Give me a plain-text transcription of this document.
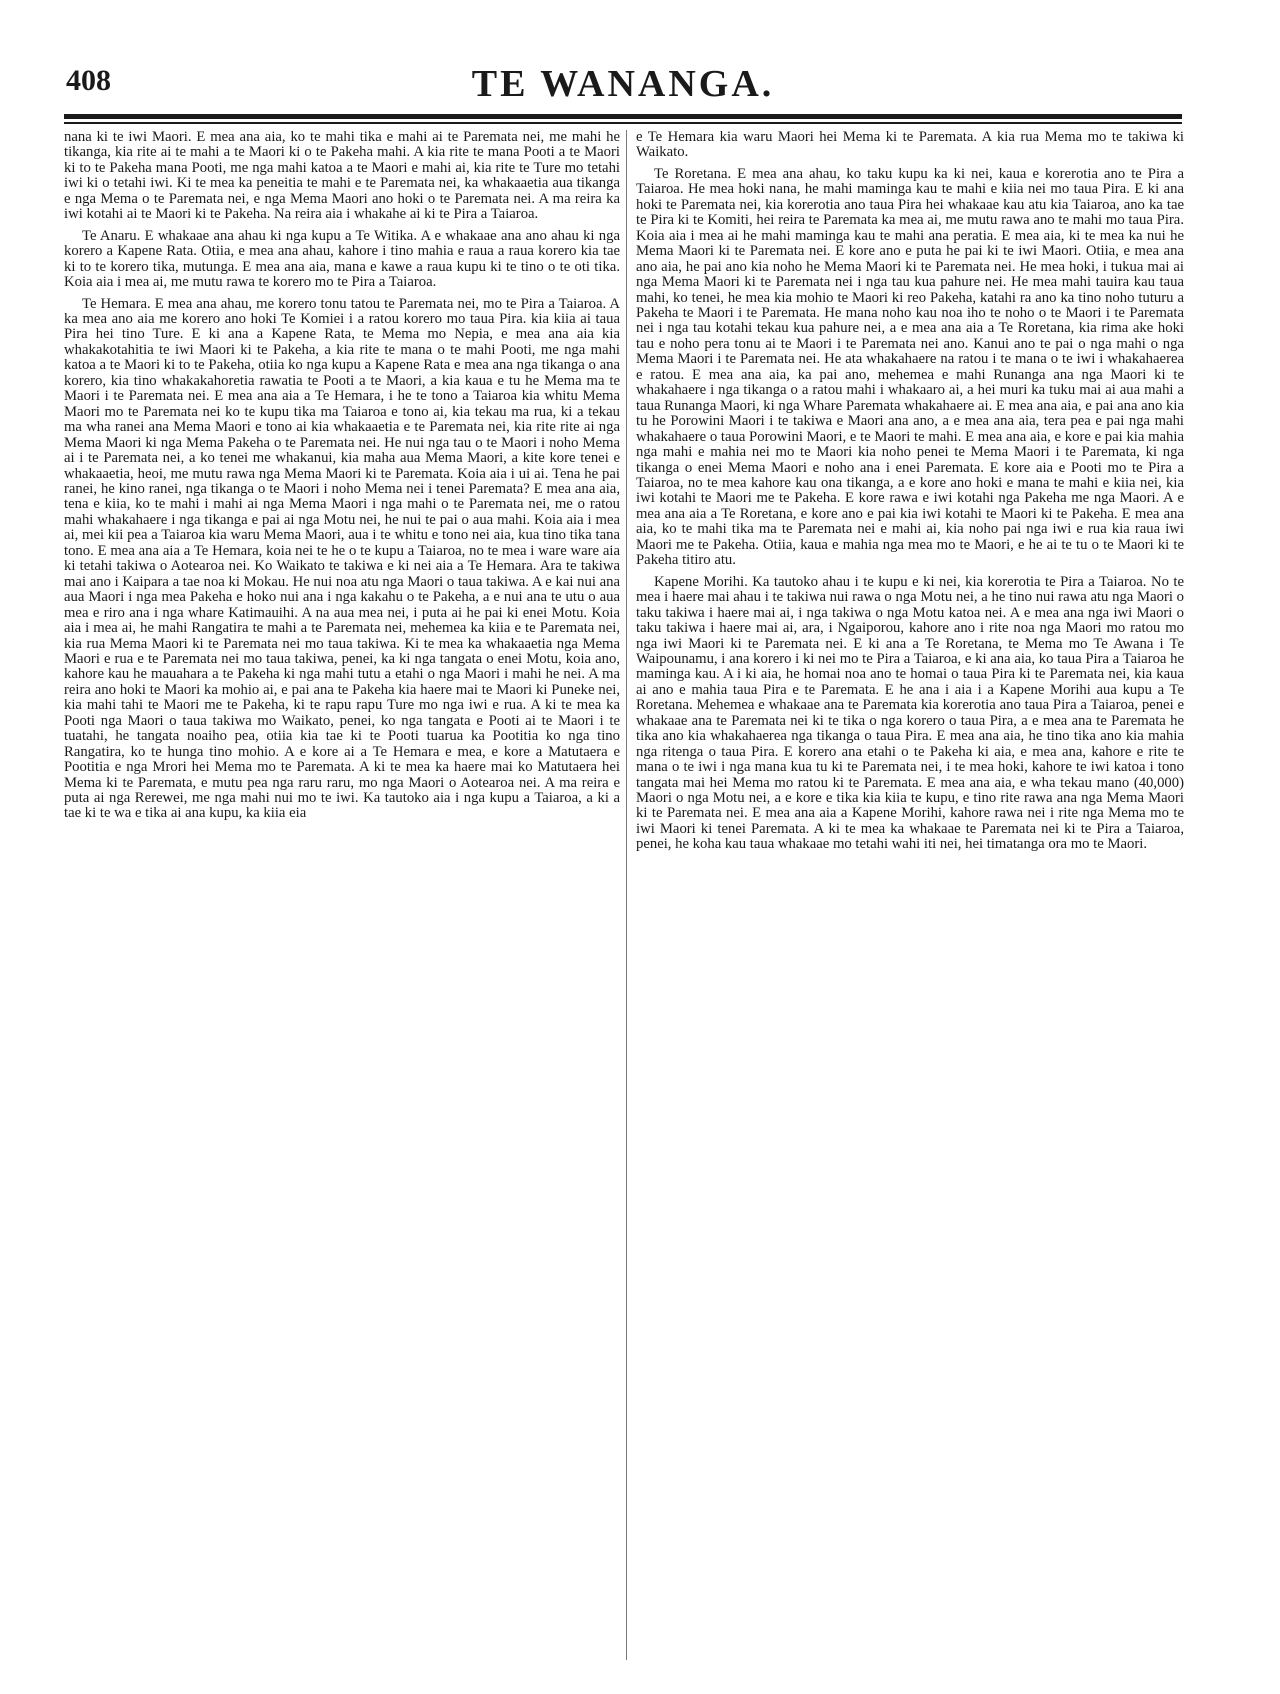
408	TE WANANGA.

nana ki te iwi Maori. E mea ana aia, ko te mahi tika e mahi ai te Paremata nei, me mahi he tikanga, kia rite ai te mahi a te Maori ki o te Pakeha mahi. A kia rite te mana Pooti a te Maori ki to te Pakeha mana Pooti, me nga mahi katoa a te Maori e mahi ai, kia rite te Ture mo tetahi iwi ki o tetahi iwi. Ki te mea ka peneitia te mahi e te Paremata nei, ka whakaaetia aua tikanga e nga Mema o te Paremata nei, e nga Mema Maori ano hoki o te Paremata nei. A ma reira ka iwi kotahi ai te Maori ki te Pakeha. Na reira aia i whakahe ai ki te Pira a Taiaroa.

Te Anaru. E whakaae ana ahau ki nga kupu a Te Witika. A e whakaae ana ano ahau ki nga korero a Kapene Rata. Otiia, e mea ana ahau, kahore i tino mahia e raua a raua korero kia tae ki to te korero tika, mutunga. E mea ana aia, mana e kawe a raua kupu ki te tino o te oti tika. Koia aia i mea ai, me mutu rawa te korero mo te Pira a Taiaroa.

Te Hemara. E mea ana ahau, me korero tonu tatou te Paremata nei, mo te Pira a Taiaroa. A ka mea ano aia me korero ano hoki Te Komiei i a ratou korero mo taua Pira. kia kiia ai taua Pira hei tino Ture. E ki ana a Kapene Rata, te Mema mo Nepia, e mea ana aia kia whakakotahitia te iwi Maori ki te Pakeha, a kia rite te mana o te mahi Pooti, me nga mahi katoa a te Maori ki to te Pakeha, otiia ko nga kupu a Kapene Rata e mea ana nga tikanga o ana korero, kia tino whakakahoretia rawatia te Pooti a te Maori, a kia kaua e tu he Mema ma te Maori i te Paremata nei. E mea ana aia a Te Hemara, i he te tono a Taiaroa kia whitu Mema Maori mo te Paremata nei ko te kupu tika ma Taiaroa e tono ai, kia tekau ma rua, ki a tekau ma wha ranei ana Mema Maori e tono ai kia whakaaetia e te Paremata nei, kia rite rite ai nga Mema Maori ki nga Mema Pakeha o te Paremata nei. He nui nga tau o te Maori i noho Mema ai i te Paremata nei, a ko tenei me whakanui, kia maha aua Mema Maori, a kite kore tenei e whakaaetia, heoi, me mutu rawa nga Mema Maori ki te Paremata. Koia aia i ui ai. Tena he pai ranei, he kino ranei, nga tikanga o te Maori i noho Mema nei i tenei Paremata? E mea ana aia, tena e kiia, ko te mahi i mahi ai nga Mema Maori i nga mahi o te Paremata nei, me o ratou mahi whakahaere i nga tikanga e pai ai nga Motu nei, he nui te pai o aua mahi. Koia aia i mea ai, mei kii pea a Taiaroa kia waru Mema Maori, aua i te whitu e tono nei aia, kua tino tika tana tono. E mea ana aia a Te Hemara, koia nei te he o te kupu a Taiaroa, no te mea i ware ware aia ki tetahi takiwa o Aotearoa nei. Ko Waikato te takiwa e ki nei aia a Te Hemara. Ara te takiwa mai ano i Kaipara a tae noa ki Mokau. He nui noa atu nga Maori o taua takiwa. A e kai nui ana aua Maori i nga mea Pakeha e hoko nui ana i nga kakahu o te Pakeha, a e nui ana te utu o aua mea e riro ana i nga whare Katimauihi. A na aua mea nei, i puta ai he pai ki enei Motu. Koia aia i mea ai, he mahi Rangatira te mahi a te Paremata nei, mehemea ka kiia e te Paremata nei, kia rua Mema Maori ki te Paremata nei mo taua takiwa. Ki te mea ka whakaaetia nga Mema Maori e rua e te Paremata nei mo taua takiwa, penei, ka ki nga tangata o enei Motu, koia ano, kahore kau he mauahara a te Pakeha ki nga mahi tutu a etahi o nga Maori i mahi he nei. A ma reira ano hoki te Maori ka mohio ai, e pai ana te Pakeha kia haere mai te Maori ki Puneke nei, kia mahi tahi te Maori me te Pakeha, ki te rapu rapu Ture mo nga iwi e rua. A ki te mea ka Pooti nga Maori o taua takiwa mo Waikato, penei, ko nga tangata e Pooti ai te Maori i te tuatahi, he tangata noaiho pea, otiia kia tae ki te Pooti tuarua ka Pootitia ko nga tino Rangatira, ko te hunga tino mohio. A e kore ai a Te Hemara e mea, e kore a Matutaera e Pootitia e nga Mrori hei Mema mo te Paremata. A ki te mea ka haere mai ko Matutaera hei Mema ki te Paremata, e mutu pea nga raru raru, mo nga Maori o Aotearoa nei. A ma reira e puta ai nga Rerewei, me nga mahi nui mo te iwi. Ka tautoko aia i nga kupu a Taiaroa, a ki a tae ki te wa e tika ai ana kupu, ka kiia eia

e Te Hemara kia waru Maori hei Mema ki te Paremata. A kia rua Mema mo te takiwa ki Waikato.

Te Roretana. E mea ana ahau, ko taku kupu ka ki nei, kaua e korerotia ano te Pira a Taiaroa. He mea hoki nana, he mahi maminga kau te mahi e kiia nei mo taua Pira. E ki ana hoki te Paremata nei, kia korerotia ano taua Pira hei whakaae kau atu kia Taiaroa, ano ka tae te Pira ki te Komiti, hei reira te Paremata ka mea ai, me mutu rawa ano te mahi mo taua Pira. Koia aia i mea ai he mahi maminga kau te mahi ana peratia. E mea aia, ki te mea ka nui he Mema Maori ki te Paremata nei. E kore ano e puta he pai ki te iwi Maori. Otiia, e mea ana ano aia, he pai ano kia noho he Mema Maori ki te Paremata nei. He mea hoki, i tukua mai ai nga Mema Maori ki te Paremata nei i nga tau kua pahure nei. He mea mahi tauira kau taua mahi, ko tenei, he mea kia mohio te Maori ki reo Pakeha, katahi ra ano ka tino noho tuturu a Pakeha te Maori i te Paremata. He mana noho kau noa iho te noho o te Maori i te Paremata nei i nga tau kotahi tekau kua pahure nei, a e mea ana aia a Te Roretana, kia rima ake hoki tau e noho pera tonu ai te Maori i te Paremata nei ano. Kanui ano te pai o nga mahi o nga Mema Maori i te Paremata nei. He ata whakahaere na ratou i te mana o te iwi i whakahaerea e ratou. E mea ana aia, ka pai ano, mehemea e mahi Runanga ana nga Maori ki te whakahaere i nga tikanga o a ratou mahi i whakaaro ai, a hei muri ka tuku mai ai aua mahi a taua Runanga Maori, ki nga Whare Paremata whakahaere ai. E mea ana aia, e pai ana ano kia tu he Porowini Maori i te takiwa e Maori ana ano, a e mea ana aia, tera pea e pai nga mahi whakahaere o taua Porowini Maori, e te Maori te mahi. E mea ana aia, e kore e pai kia mahia nga mahi e mahia nei mo te Maori kia noho penei te Mema Maori i te Paremata, ki nga tikanga o enei Mema Maori e noho ana i enei Paremata. E kore aia e Pooti mo te Pira a Taiaroa, no te mea kahore kau ona tikanga, a e kore ano hoki e mana te mahi e kiia nei, kia iwi kotahi te Maori me te Pakeha. E kore rawa e iwi kotahi nga Pakeha me nga Maori. A e mea ana aia a Te Roretana, e kore ano e pai kia iwi kotahi te Maori ki te Pakeha. E mea ana aia, ko te mahi tika ma te Paremata nei e mahi ai, kia noho pai nga iwi e rua kia raua iwi Maori me te Pakeha. Otiia, kaua e mahia nga mea mo te Maori, e he ai te tu o te Maori ki te Pakeha titiro atu.

Kapene Morihi. Ka tautoko ahau i te kupu e ki nei, kia korerotia te Pira a Taiaroa. No te mea i haere mai ahau i te takiwa nui rawa o nga Motu nei, a he tino nui rawa atu nga Maori o taku takiwa i haere mai ai, i nga takiwa o nga Motu katoa nei. A e mea ana nga iwi Maori o taku takiwa i haere mai ai, ara, i Ngaiporou, kahore ano i rite noa nga Maori mo ratou mo nga iwi Maori ki te Paremata nei. E ki ana a Te Roretana, te Mema mo Te Awana i Te Waipounamu, i ana korero i ki nei mo te Pira a Taiaroa, e ki ana aia, ko taua Pira a Taiaroa he maminga kau. A i ki aia, he homai noa ano te homai o taua Pira ki te Paremata nei, kia kaua ai ano e mahia taua Pira e te Paremata. E he ana i aia i a Kapene Morihi aua kupu a Te Roretana. Mehemea e whakaae ana te Paremata kia korerotia ano taua Pira a Taiaroa, penei e whakaae ana te Paremata nei ki te tika o nga korero o taua Pira, a e mea ana te Paremata he tika ano kia whakahaerea nga tikanga o taua Pira. E mea ana aia, he tino tika ano kia mahia nga ritenga o taua Pira. E korero ana etahi o te Pakeha ki aia, e mea ana, kahore e rite te mana o te iwi i nga mana kua tu ki te Paremata nei, i te mea hoki, kahore te iwi katoa i tono tangata mai hei Mema mo ratou ki te Paremata. E mea ana aia, e wha tekau mano (40,000) Maori o nga Motu nei, a e kore e tika kia kiia te kupu, e tino rite rawa ana nga Mema Maori ki te Paremata nei. E mea ana aia a Kapene Morihi, kahore rawa nei i rite nga Mema mo te iwi Maori ki tenei Paremata. A ki te mea ka whakaae te Paremata nei ki te Pira a Taiaroa, penei, he koha kau taua whakaae mo tetahi wahi iti nei, hei timatanga ora mo te Maori.
